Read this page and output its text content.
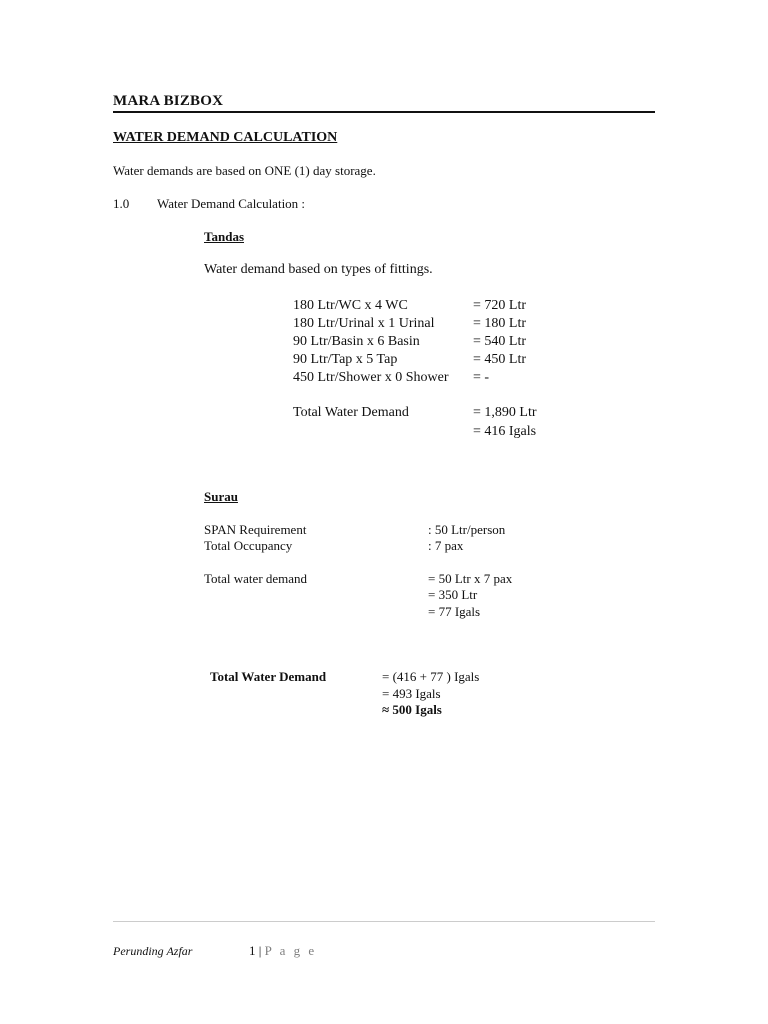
MARA BIZBOX
WATER DEMAND CALCULATION
Water demands are based on ONE (1) day storage.
1.0 Water Demand Calculation :
Tandas
Water demand based on types of fittings.
180 Ltr/WC x 4 WC	= 720 Ltr
180 Ltr/Urinal x 1 Urinal	= 180 Ltr
90 Ltr/Basin x 6 Basin	= 540 Ltr
90 Ltr/Tap x 5 Tap	= 450 Ltr
450 Ltr/Shower x 0 Shower = -
Total Water Demand	= 1,890 Ltr
= 416 Igals
Surau
SPAN Requirement	: 50 Ltr/person
Total Occupancy	: 7 pax
Total water demand	= 50 Ltr x 7 pax
= 350 Ltr
= 77 Igals
Total Water Demand	= (416 + 77 ) Igals
= 493 Igals
≈ 500 Igals
Perunding Azfar	1 | P a g e
